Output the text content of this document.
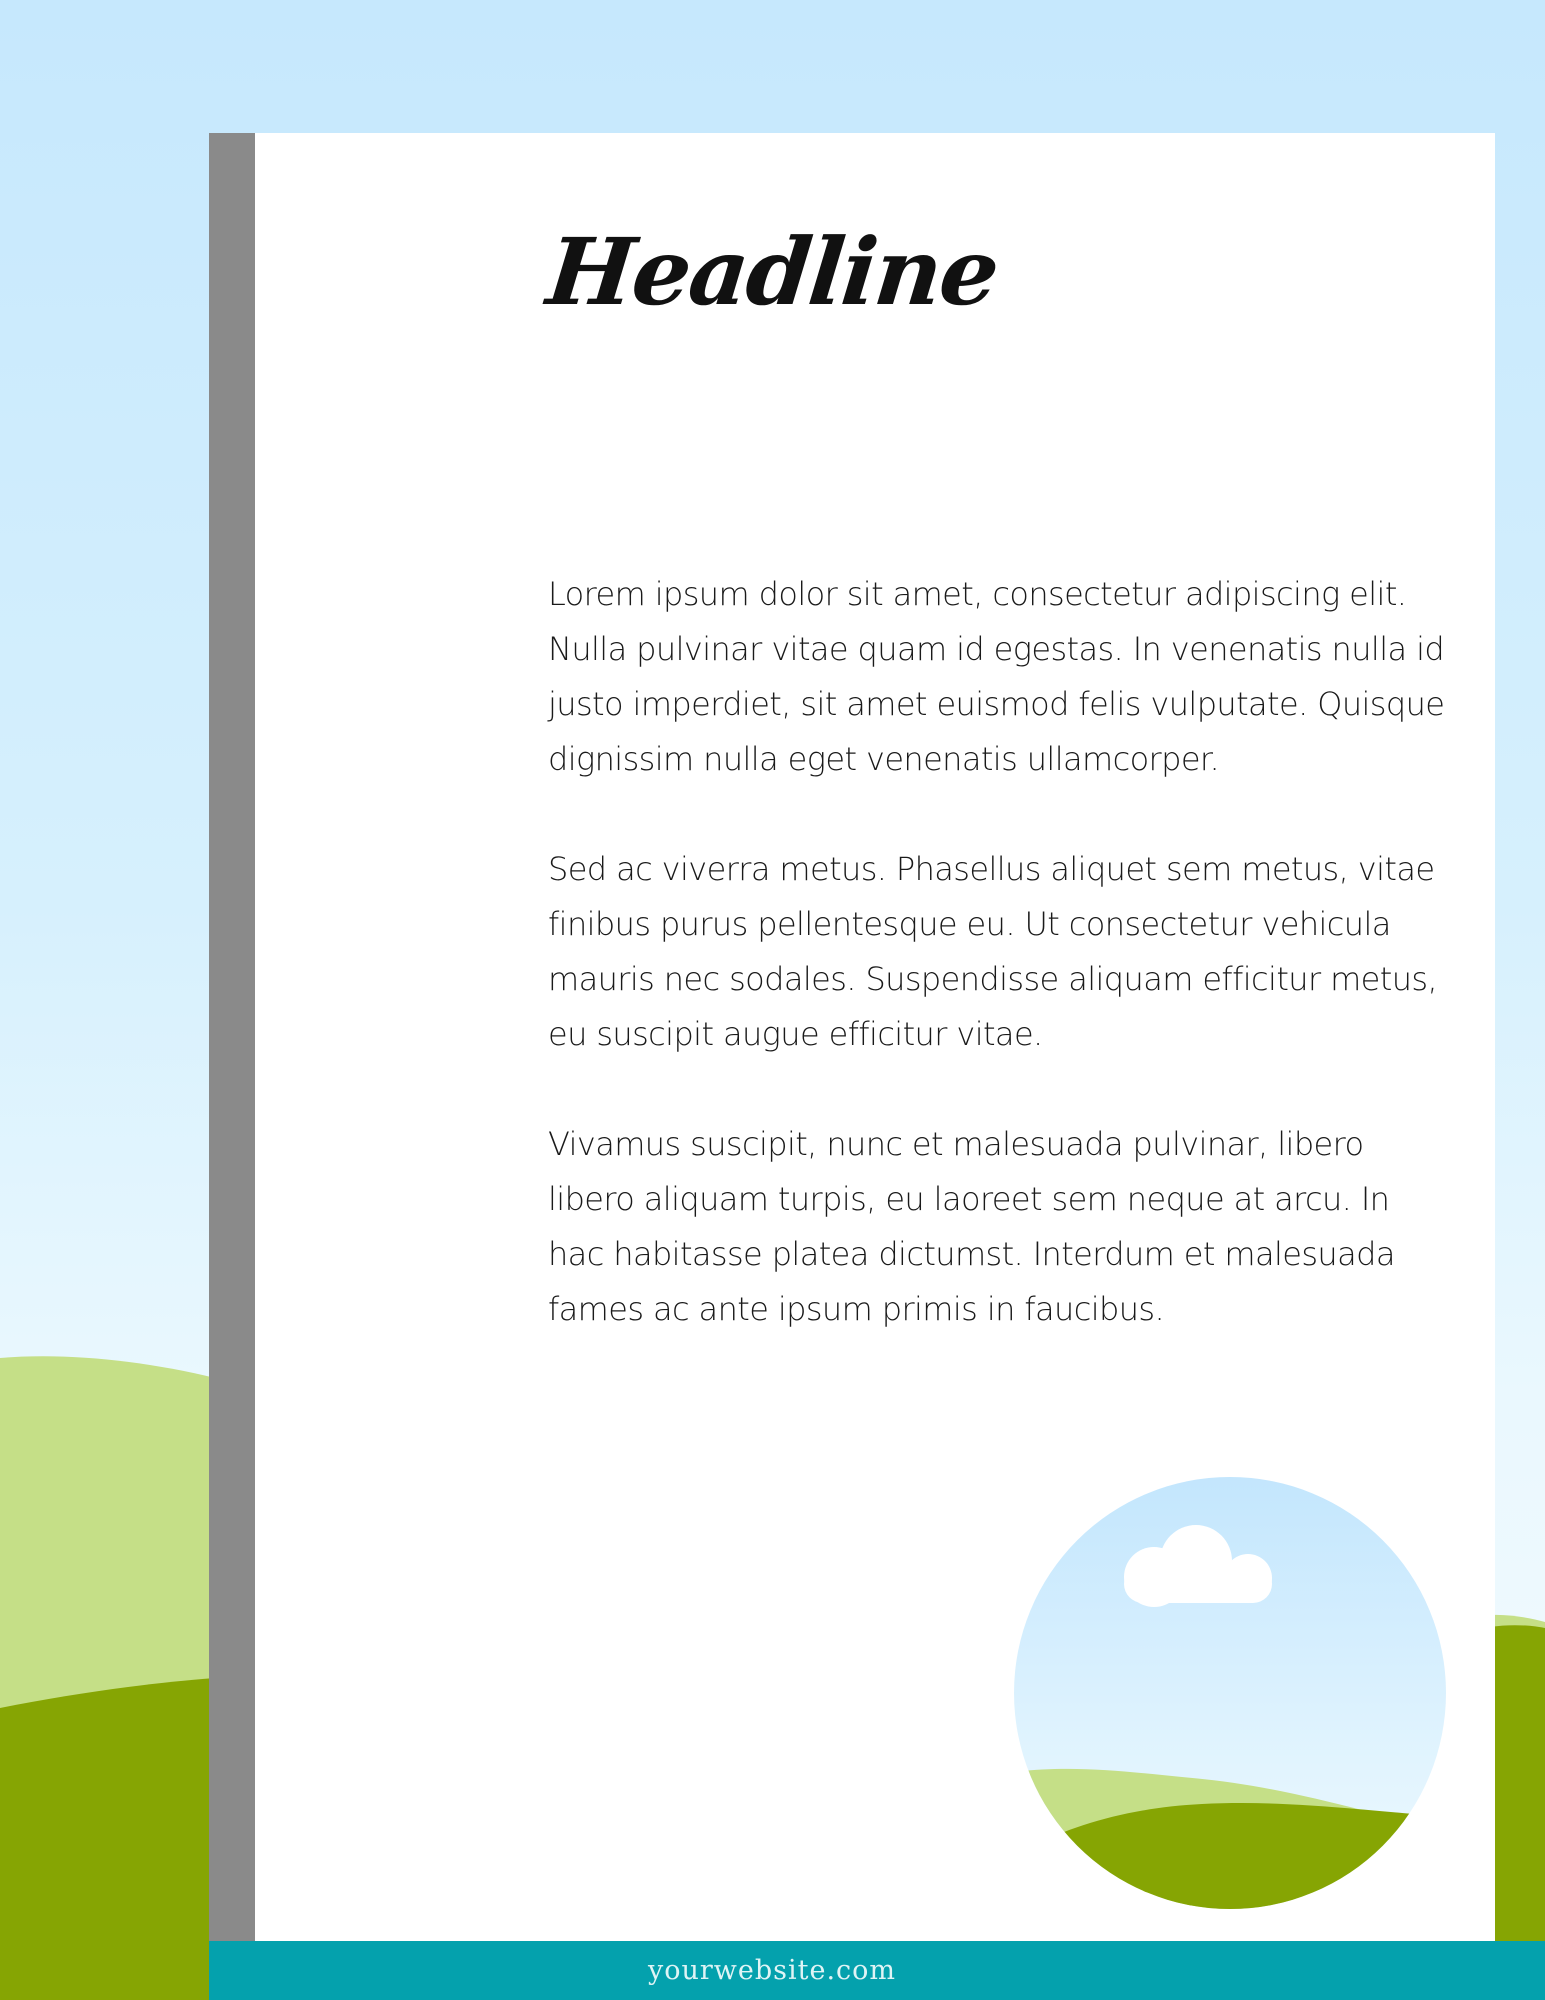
Headline

Lorem ipsum dolor sit amet, consectetur adipiscing elit. Nulla pulvinar vitae quam id egestas. In venenatis nulla id justo imperdiet, sit amet euismod felis vulputate. Quisque dignissim nulla eget venenatis ullamcorper.

Sed ac viverra metus. Phasellus aliquet sem metus, vitae finibus purus pellentesque eu. Ut consectetur vehicula mauris nec sodales. Suspendisse aliquam efficitur metus, eu suscipit augue efficitur vitae.

Vivamus suscipit, nunc et malesuada pulvinar, libero libero aliquam turpis, eu laoreet sem neque at arcu. In hac habitasse platea dictumst. Interdum et malesuada fames ac ante ipsum primis in faucibus.

yourwebsite.com
